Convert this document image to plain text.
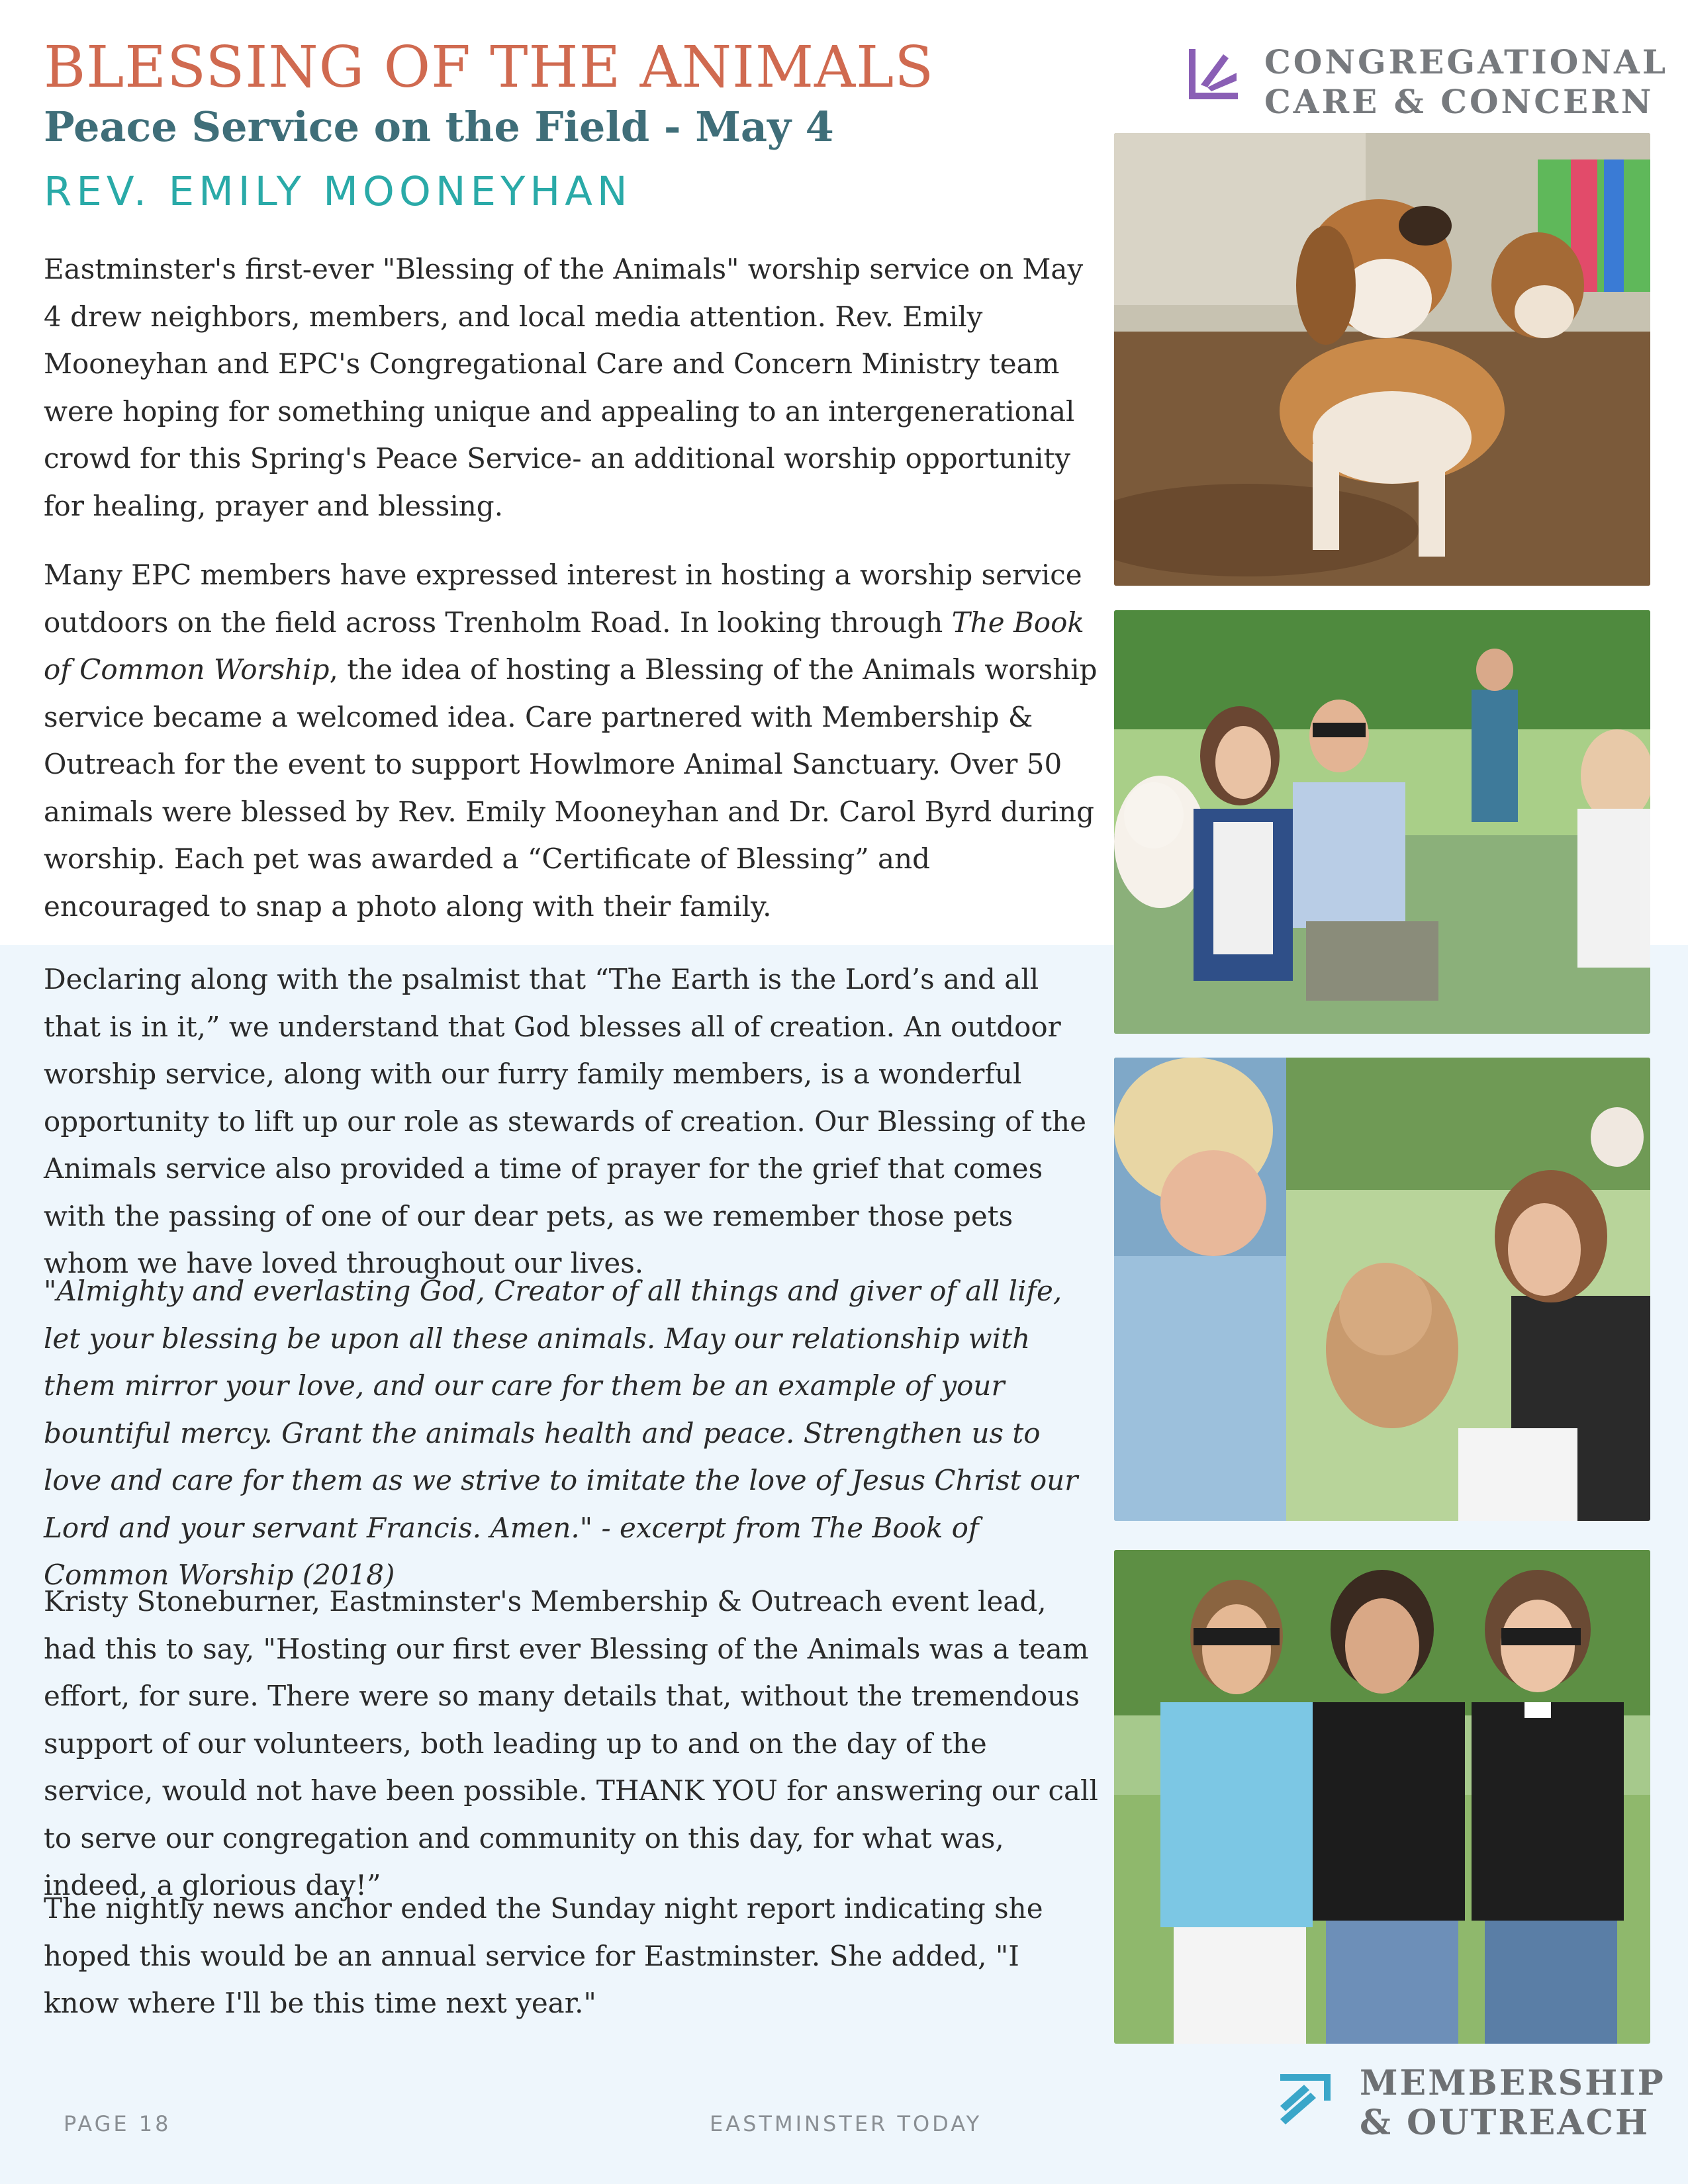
BLESSING OF THE ANIMALS
Peace Service on the Field - May 4
REV. EMILY MOONEYHAN
CONGREGATIONAL
CARE & CONCERN

Eastminster's first-ever "Blessing of the Animals" worship service on May 4 drew neighbors, members, and local media attention. Rev. Emily Mooneyhan and EPC's Congregational Care and Concern Ministry team were hoping for something unique and appealing to an intergenerational crowd for this Spring's Peace Service- an additional worship opportunity for healing, prayer and blessing.

Many EPC members have expressed interest in hosting a worship service outdoors on the field across Trenholm Road. In looking through The Book of Common Worship, the idea of hosting a Blessing of the Animals worship service became a welcomed idea. Care partnered with Membership & Outreach for the event to support Howlmore Animal Sanctuary. Over 50 animals were blessed by Rev. Emily Mooneyhan and Dr. Carol Byrd during worship. Each pet was awarded a “Certificate of Blessing” and encouraged to snap a photo along with their family.

Declaring along with the psalmist that “The Earth is the Lord’s and all that is in it,” we understand that God blesses all of creation. An outdoor worship service, along with our furry family members, is a wonderful opportunity to lift up our role as stewards of creation. Our Blessing of the Animals service also provided a time of prayer for the grief that comes with the passing of one of our dear pets, as we remember those pets whom we have loved throughout our lives.

"Almighty and everlasting God, Creator of all things and giver of all life, let your blessing be upon all these animals. May our relationship with them mirror your love, and our care for them be an example of your bountiful mercy. Grant the animals health and peace. Strengthen us to love and care for them as we strive to imitate the love of Jesus Christ our Lord and your servant Francis. Amen." - excerpt from The Book of Common Worship (2018)

Kristy Stoneburner, Eastminster's Membership & Outreach event lead, had this to say, "Hosting our first ever Blessing of the Animals was a team effort, for sure. There were so many details that, without the tremendous support of our volunteers, both leading up to and on the day of the service, would not have been possible. THANK YOU for answering our call to serve our congregation and community on this day, for what was, indeed, a glorious day!”

The nightly news anchor ended the Sunday night report indicating she hoped this would be an annual service for Eastminster. She added, "I know where I'll be this time next year."

MEMBERSHIP
& OUTREACH
PAGE 18	EASTMINSTER TODAY
